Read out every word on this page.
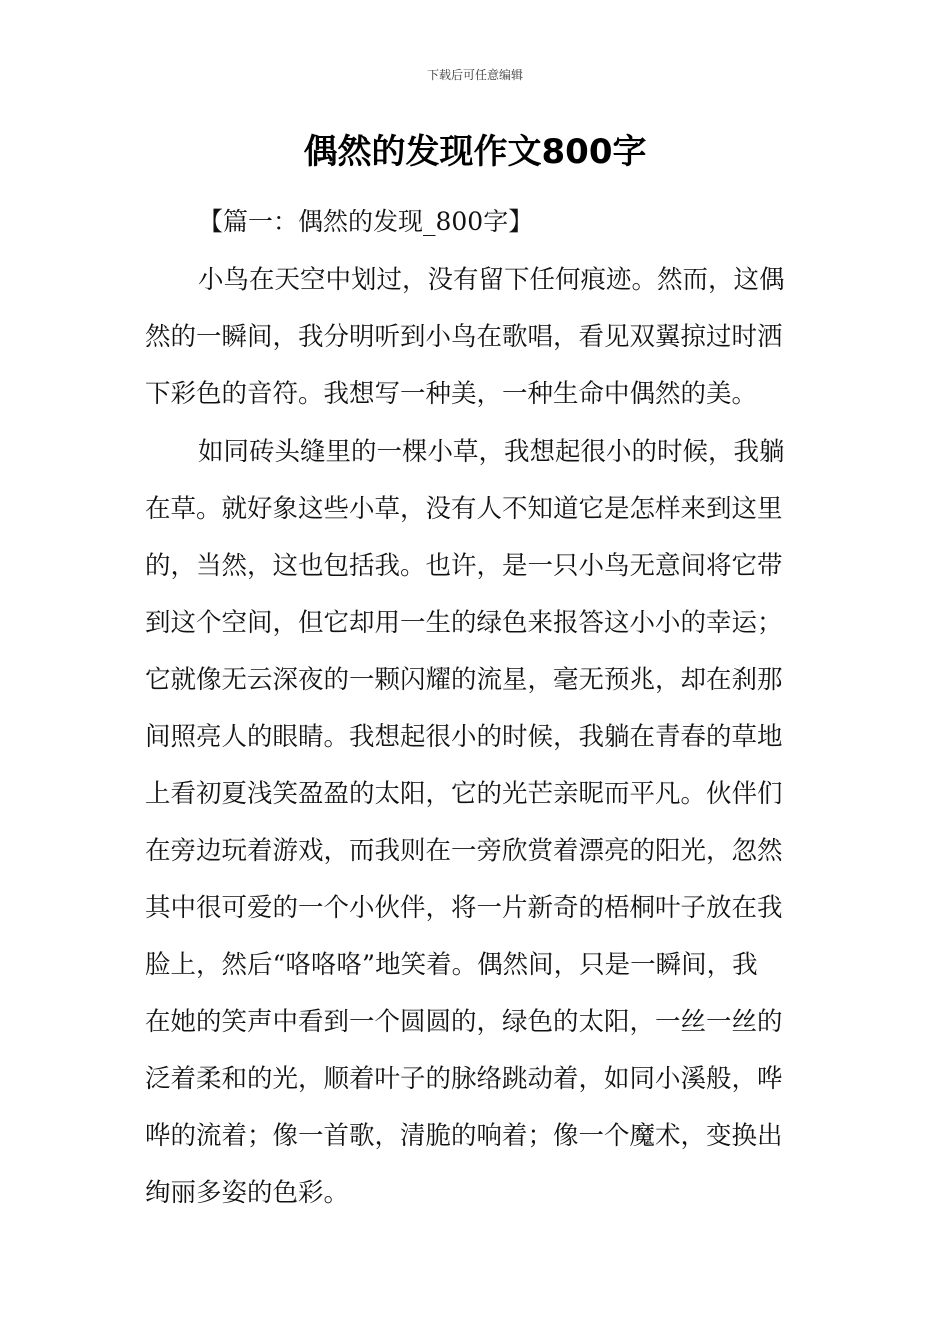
下载后可任意编辑
偶然的发现作文800字
【篇一：偶然的发现_800字】

小鸟在天空中划过，没有留下任何痕迹。然而，这偶

然的一瞬间，我分明听到小鸟在歌唱，看见双翼掠过时洒
下彩色的音符。我想写一种美，一种生命中偶然的美。

如同砖头缝里的一棵小草，我想起很小的时候，我躺

在草。就好象这些小草，没有人不知道它是怎样来到这里
的，当然，这也包括我。也许，是一只小鸟无意间将它带
到这个空间，但它却用一生的绿色来报答这小小的幸运；
它就像无云深夜的一颗闪耀的流星，毫无预兆，却在刹那
间照亮人的眼睛。我想起很小的时候，我躺在青春的草地
上看初夏浅笑盈盈的太阳，它的光芒亲昵而平凡。伙伴们
在旁边玩着游戏，而我则在一旁欣赏着漂亮的阳光，忽然
其中很可爱的一个小伙伴，将一片新奇的梧桐叶子放在我
脸上，然后“咯咯咯”地笑着。偶然间，只是一瞬间，我
在她的笑声中看到一个圆圆的，绿色的太阳，一丝一丝的
泛着柔和的光，顺着叶子的脉络跳动着，如同小溪般，哗
哗的流着；像一首歌，清脆的响着；像一个魔术，变换出
绚丽多姿的色彩。
